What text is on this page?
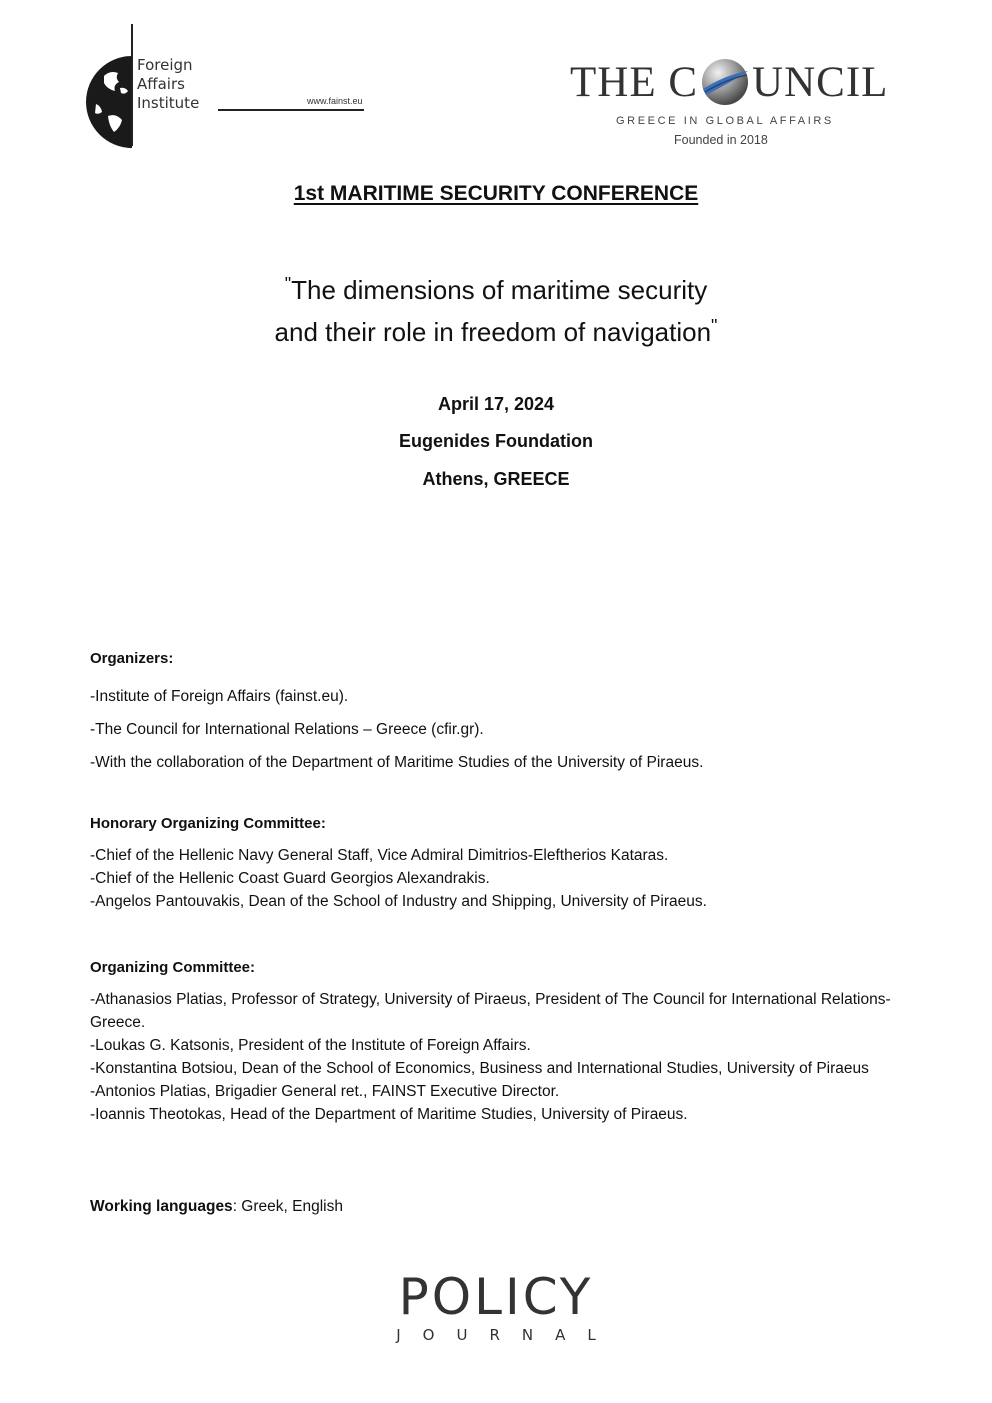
Foreign
Affairs
Institute	www.fainst.eu	THE C UNCIL
GREECE IN GLOBAL AFFAIRS
Founded in 2018
1st MARITIME SECURITY CONFERENCE
"The dimensions of maritime security
and their role in freedom of navigation"
April 17, 2024
Eugenides Foundation
Athens, GREECE
Organizers:
-Institute of Foreign Affairs (fainst.eu).
-The Council for International Relations – Greece (cfir.gr).
-With the collaboration of the Department of Maritime Studies of the University of Piraeus.
Honorary Organizing Committee:
-Chief of the Hellenic Navy General Staff, Vice Admiral Dimitrios-Eleftherios Kataras.
-Chief of the Hellenic Coast Guard Georgios Alexandrakis.
-Angelos Pantouvakis, Dean of the School of Industry and Shipping, University of Piraeus.
Organizing Committee:
-Athanasios Platias, Professor of Strategy, University of Piraeus, President of The Council for International Relations-Greece.
-Loukas G. Katsonis, President of the Institute of Foreign Affairs.
-Konstantina Botsiou, Dean of the School of Economics, Business and International Studies, University of Piraeus
-Antonios Platias, Brigadier General ret., FAINST Executive Director.
-Ioannis Theotokas, Head of the Department of Maritime Studies, University of Piraeus.
Working languages: Greek, English
POLICY
JOURNAL
